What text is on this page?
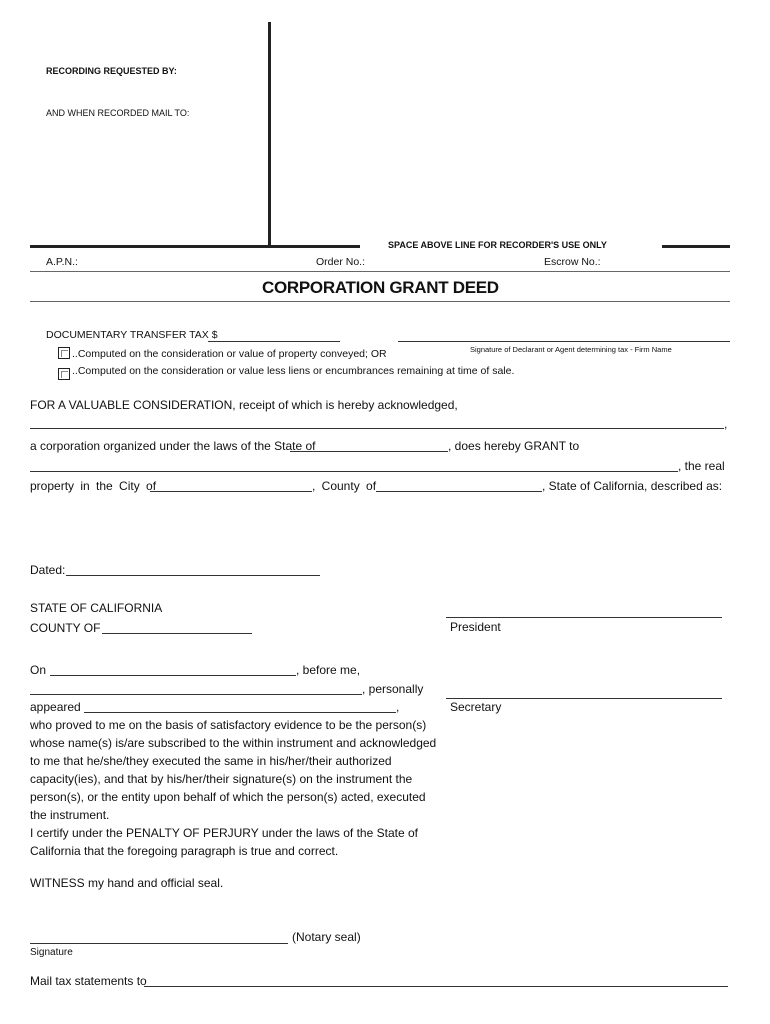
RECORDING REQUESTED BY:
AND WHEN RECORDED MAIL TO:
SPACE ABOVE LINE FOR RECORDER'S USE ONLY
A.P.N.:	Order No.:	Escrow No.:
CORPORATION GRANT DEED
DOCUMENTARY TRANSFER TAX $
Signature of Declarant or Agent determining tax - Firm Name
..Computed on the consideration or value of property conveyed; OR
..Computed on the consideration or value less liens or encumbrances remaining at time of sale.
FOR A VALUABLE CONSIDERATION, receipt of which is hereby acknowledged,
,
a corporation organized under the laws of the State of	, does hereby GRANT to
, the real
property in the City of	, County of	, State of California, described as:
Dated:
STATE OF CALIFORNIA
COUNTY OF	President
On	, before me,
, personally
Secretary
appeared	,
who proved to me on the basis of satisfactory evidence to be the person(s)
whose name(s) is/are subscribed to the within instrument and acknowledged
to me that he/she/they executed the same in his/her/their authorized
capacity(ies), and that by his/her/their signature(s) on the instrument the
person(s), or the entity upon behalf of which the person(s) acted, executed
the instrument.
I certify under the PENALTY OF PERJURY under the laws of the State of
California that the foregoing paragraph is true and correct.
WITNESS my hand and official seal.
(Notary seal)
Signature
Mail tax statements to
